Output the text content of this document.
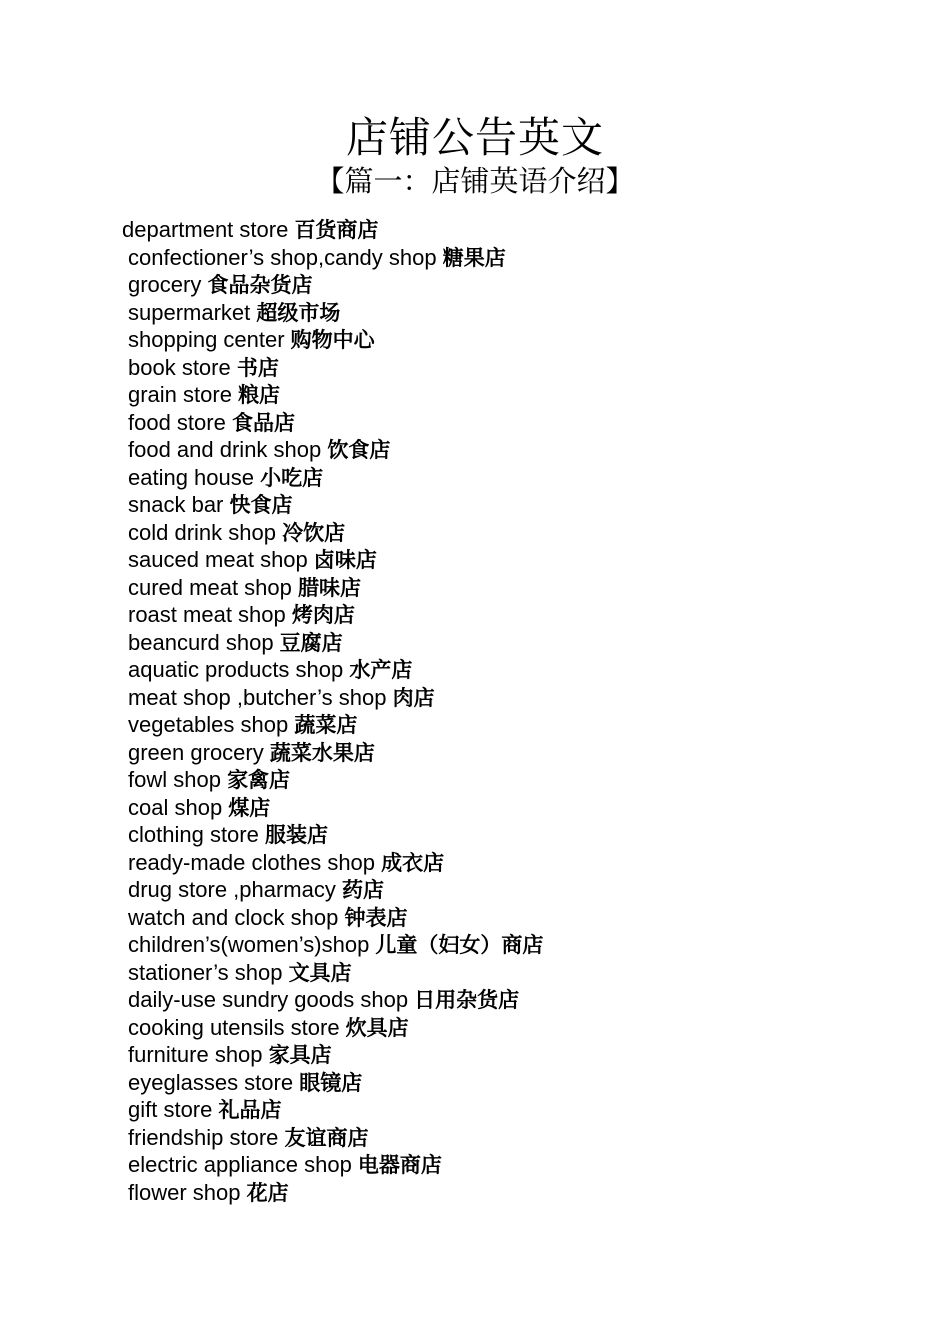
店铺公告英文
【篇一：店铺英语介绍】
department store 百货商店
confectioner’s shop,candy shop 糖果店
grocery 食品杂货店
supermarket 超级市场
shopping center 购物中心
book store 书店
grain store 粮店
food store 食品店
food and drink shop 饮食店
eating house 小吃店
snack bar 快食店
cold drink shop 冷饮店
sauced meat shop 卤味店
cured meat shop 腊味店
roast meat shop 烤肉店
beancurd shop 豆腐店
aquatic products shop 水产店
meat shop ,butcher’s shop 肉店
vegetables shop 蔬菜店
green grocery 蔬菜水果店
fowl shop 家禽店
coal shop 煤店
clothing store 服装店
ready-made clothes shop 成衣店
drug store ,pharmacy 药店
watch and clock shop 钟表店
children’s(women’s)shop 儿童（妇女）商店
stationer’s shop 文具店
daily-use sundry goods shop 日用杂货店
cooking utensils store 炊具店
furniture shop 家具店
eyeglasses store 眼镜店
gift store 礼品店
friendship store 友谊商店
electric appliance shop 电器商店
flower shop 花店
